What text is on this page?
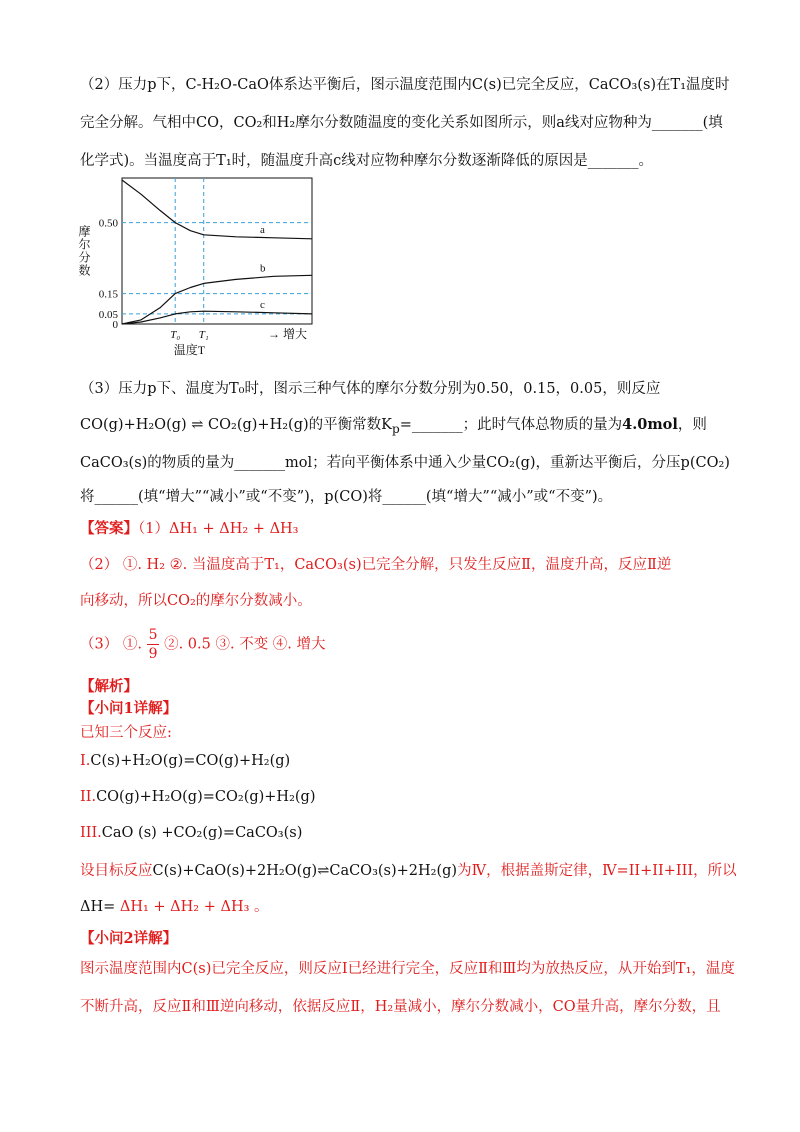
（2）压力p下，C-H₂O-CaO体系达平衡后，图示温度范围内C(s)已完全反应，CaCO₃(s)在T₁温度时
完全分解。气相中CO，CO₂和H₂摩尔分数随温度的变化关系如图所示，则a线对应物种为_______(填
化学式)。当温度高于T₁时，随温度升高c线对应物种摩尔分数逐渐降低的原因是_______。
0.50
0.15
0.05
0
T₀ T₁
a
b
c
摩尔分数
温度T
→ 增大
（3）压力p下、温度为T₀时，图示三种气体的摩尔分数分别为0.50，0.15，0.05，则反应
CO(g)+H₂O(g) ⇌ CO₂(g)+H₂(g)的平衡常数$K_p=\_\_\_\_\_\_\_$；此时气体总物质的量为4.0mol，则
CaCO₃(s)的物质的量为_______mol；若向平衡体系中通入少量CO₂(g)，重新达平衡后，分压p(CO₂)
将______(填“增大”“减小”或“不变”)，p(CO)将______(填“增大”“减小”或“不变”)。
【答案】（1）ΔH₁ + ΔH₂ + ΔH₃
（2） ①. H₂ ②. 当温度高于T₁，CaCO₃(s)已完全分解，只发生反应Ⅱ，温度升高，反应Ⅱ逆
向移动，所以CO₂的摩尔分数减小。
（3） ①. $\frac{5}{9}$ ②. 0.5 ③. 不变 ④. 增大
【解析】
【小问1详解】
已知三个反应:
I.C(s)+H₂O(g)=CO(g)+H₂(g)
II.CO(g)+H₂O(g)=CO₂(g)+H₂(g)
III.CaO (s) +CO₂(g)=CaCO₃(s)
设目标反应C(s)+CaO(s)+2H₂O(g)⇌CaCO₃(s)+2H₂(g)为Ⅳ，根据盖斯定律，Ⅳ=ⅠI+II+III，所以
ΔH= ΔH₁ + ΔH₂ + ΔH₃ 。
【小问2详解】
图示温度范围内C(s)已完全反应，则反应Ⅰ已经进行完全，反应Ⅱ和Ⅲ均为放热反应，从开始到T₁，温度
不断升高，反应Ⅱ和Ⅲ逆向移动，依据反应Ⅱ，H₂量减小，摩尔分数减小，CO量升高，摩尔分数，且
